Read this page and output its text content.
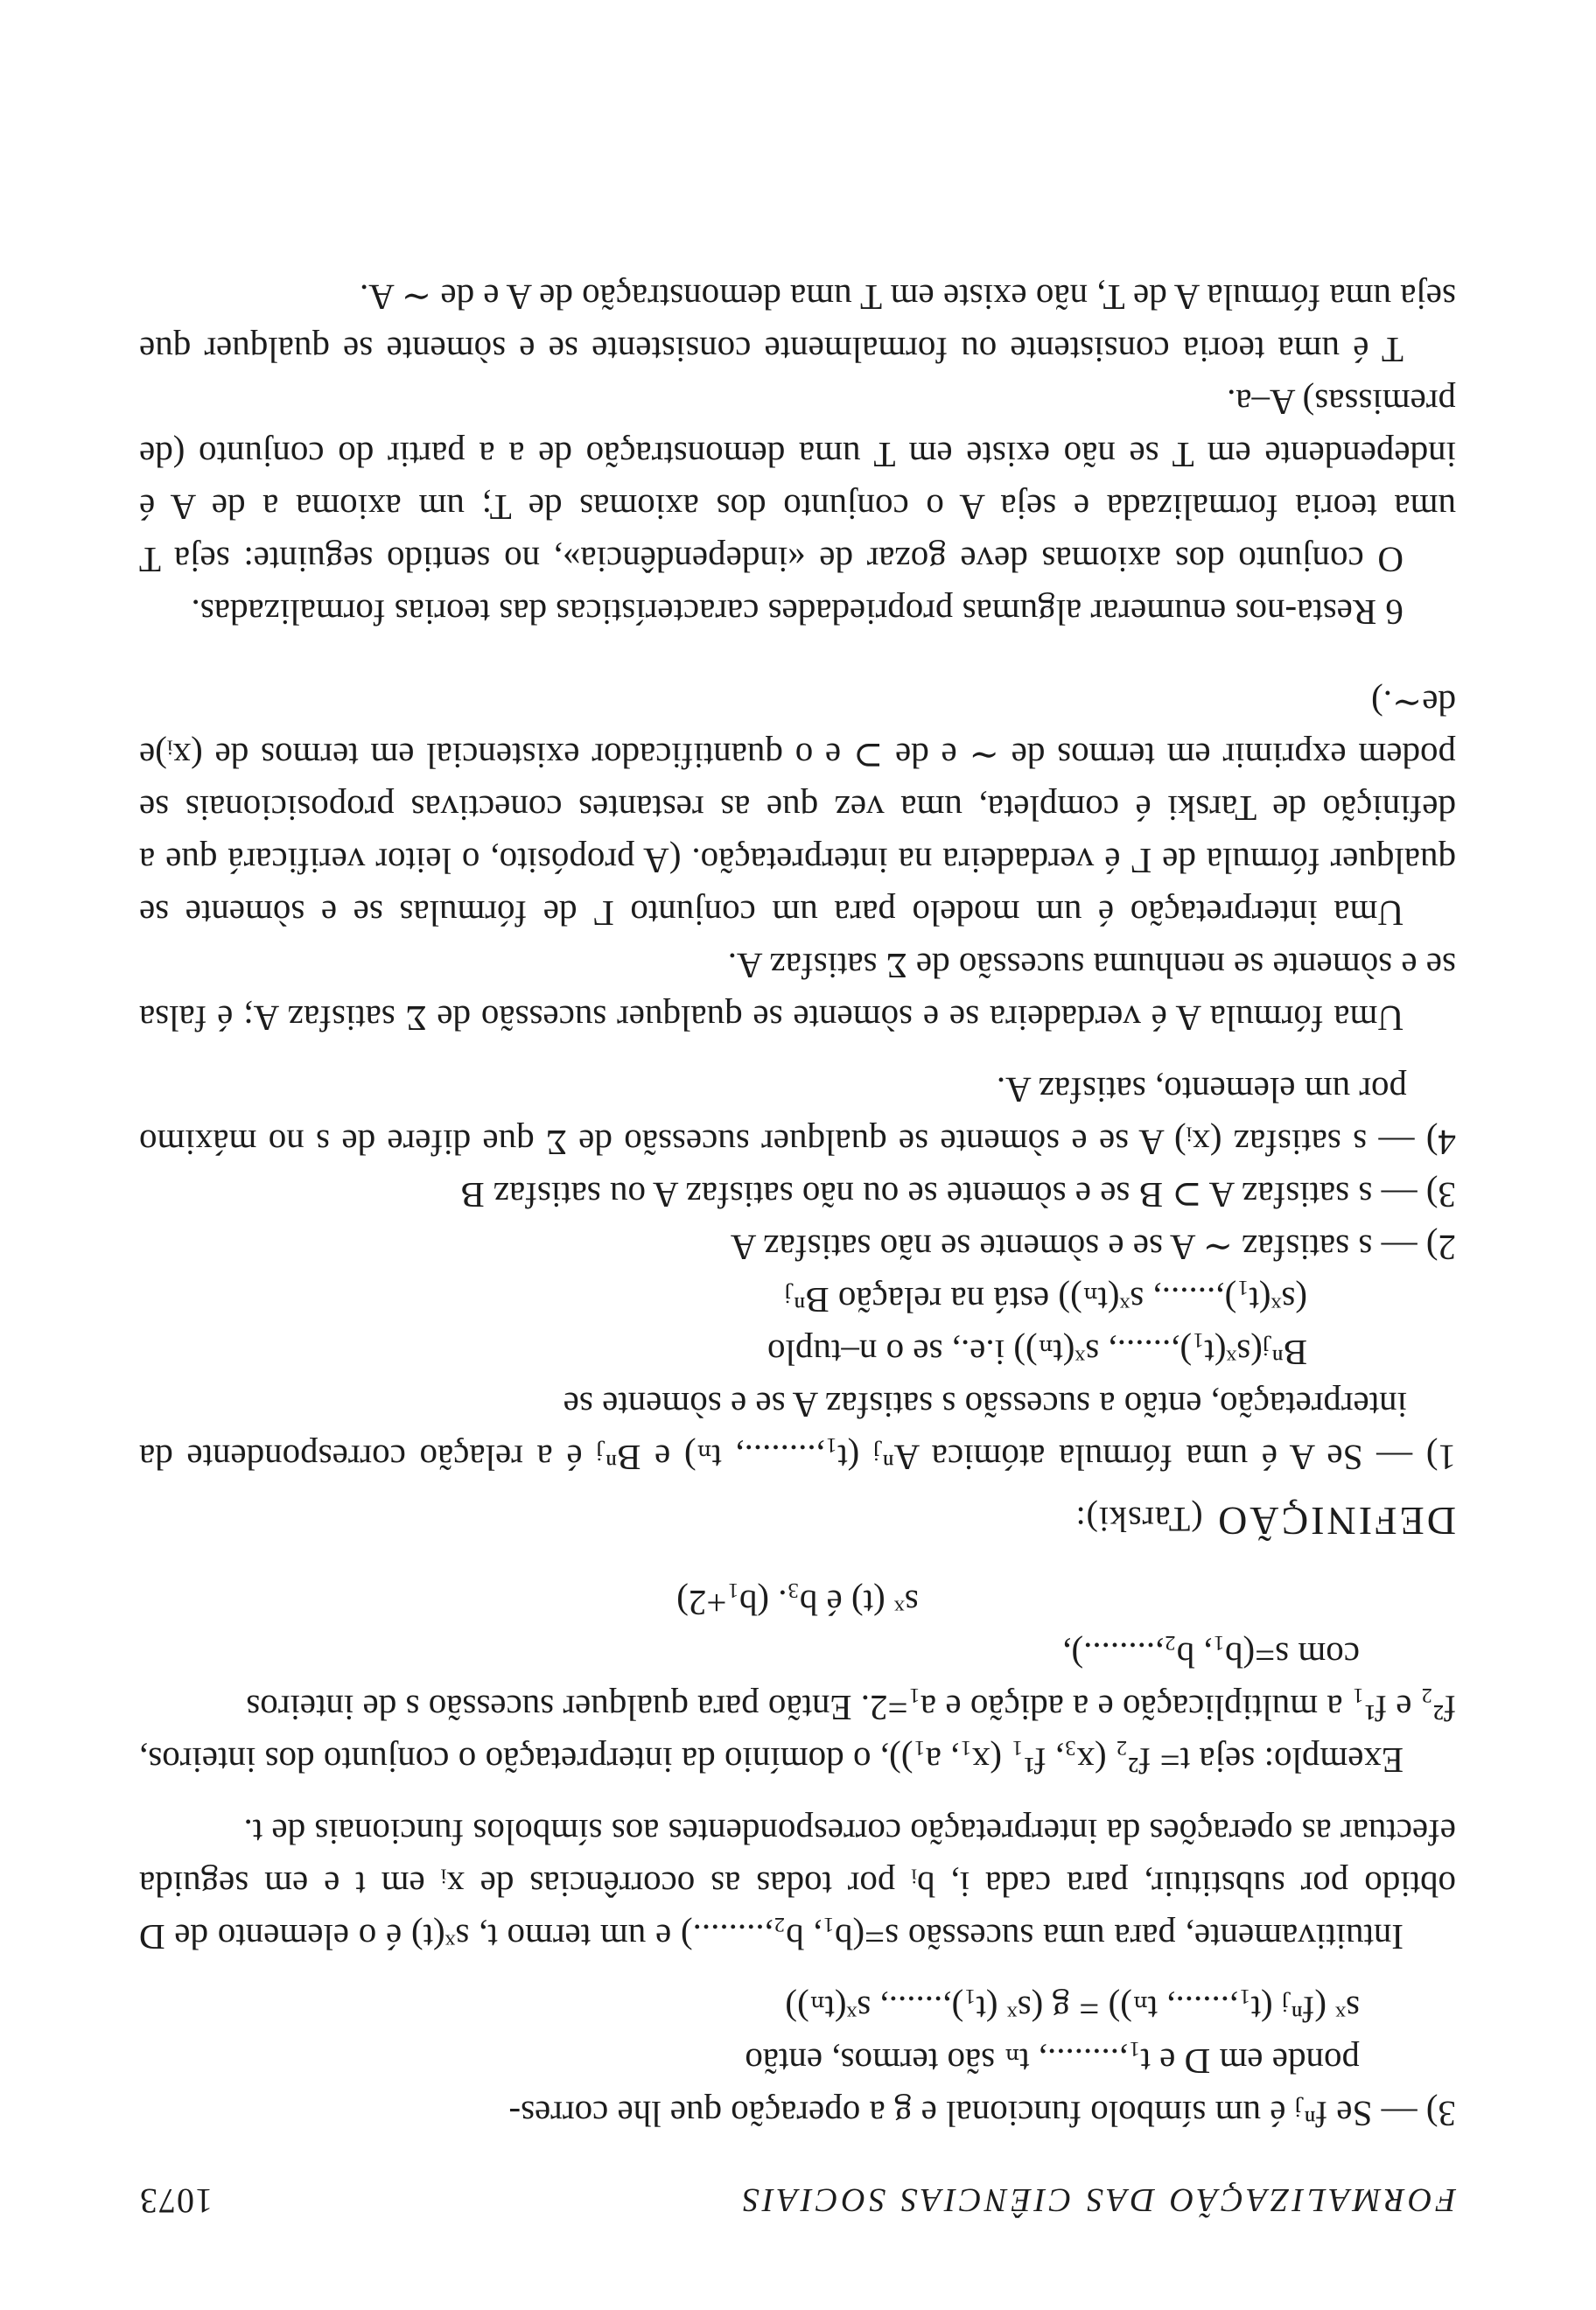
FORMALIZAÇÃO DAS CIÊNCIAS SOCIAIS
1073

3) — Se fⁿⱼ é um símbolo funcional e g a operação que lhe corres-

ponde em D e t₁,........, tₙ são termos, então

sˣ (fⁿⱼ (t₁,......, tₙ)) = g (sˣ (t₁),......, sˣ(tₙ))

Intuitivamente, para uma sucessão s=(b₁, b₂,........) e um termo t, sˣ(t) é o elemento de D obtido por substituir, para cada i, bᵢ por todas as ocorrências de xᵢ em t e em seguida efectuar as operações da interpretação correspondentes aos símbolos funcionais de t.

Exemplo: seja t= f²₂ (x₃, f¹₁ (x₁, a₁)), o domínio da interpretação o conjunto dos inteiros, f²₂ e f¹₁ a multiplicação e a adição e a₁=2. Então para qualquer sucessão s de inteiros

com s=(b₁, b₂,........),

sˣ (t) é b₃. (b₁+2)

DEFINIÇÃO (Tarski):

1) — Se A é uma fórmula atómica Aⁿⱼ (t₁,........, tₙ) e Bⁿⱼ é a relação correspondente da interpretação, então a sucessão s satisfaz A se e sòmente se

Bⁿⱼ(sˣ(t₁),......, sˣ(tₙ)) i.e., se o n–tuplo

(sˣ(t₁),......, sˣ(tₙ)) está na relação Bⁿⱼ

2) — s satisfaz ∼ A se e sòmente se não satisfaz A

3) — s satisfaz A ⊃ B se e sòmente se ou não satisfaz A ou satisfaz B

4) — s satisfaz (xᵢ) A se e sòmente se qualquer sucessão de Σ que difere de s no máximo por um elemento, satisfaz A.

Uma fórmula A é verdadeira se e sòmente se qualquer sucessão de Σ satisfaz A; é falsa se e sòmente se nenhuma sucessão de Σ satisfaz A.

Uma interpretação é um modelo para um conjunto Γ de fórmulas se e sòmente se qualquer fórmula de Γ é verdadeira na interpretação. (A propósito, o leitor verificará que a definição de Tarski é completa, uma vez que as restantes conectivas proposicionais se podem exprimir em termos de ∼ e de ⊃ e o quantificador existencial em termos de (xᵢ)e de∼.)

6 Resta-nos enumerar algumas propriedades características das teorias formalizadas.

O conjunto dos axiomas deve gozar de «independência», no sentido seguinte: seja T uma teoria formalizada e seja A o conjunto dos axiomas de T; um axioma a de A é independente em T se não existe em T uma demonstração de a a partir do conjunto (de premissas) A–a.

T é uma teoria consistente ou formalmente consistente se e sòmente se qualquer que seja uma fórmula A de T, não existe em T uma demonstração de A e de ∼ A.
